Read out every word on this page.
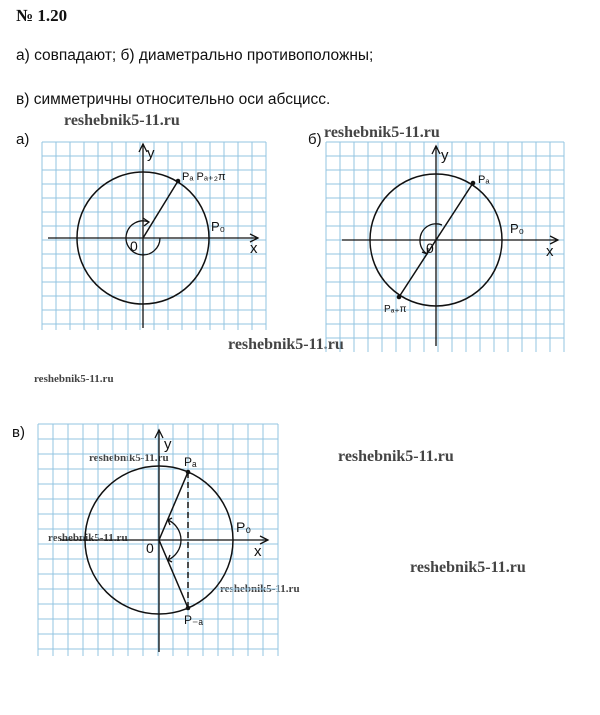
№ 1.20
а) совпадают; б) диаметрально противоположны;
в) симметричны относительно оси абсцисс.
reshebnik5-11.ru
reshebnik5-11.ru
reshebnik5-11.ru
reshebnik5-11.ru
reshebnik5-11.ru	reshebnik5-11.ru
reshebnik5-11.ru
reshebnik5-11.ru
reshebnik5-11.ru
а)	б)
в)
y
x
0
P₀
Pₐ Pₐ₊₂π
y
x
0
P₀
Pₐ
Pₐ₊π
y
x
0
P₀
Pₐ
P₋ₐ
